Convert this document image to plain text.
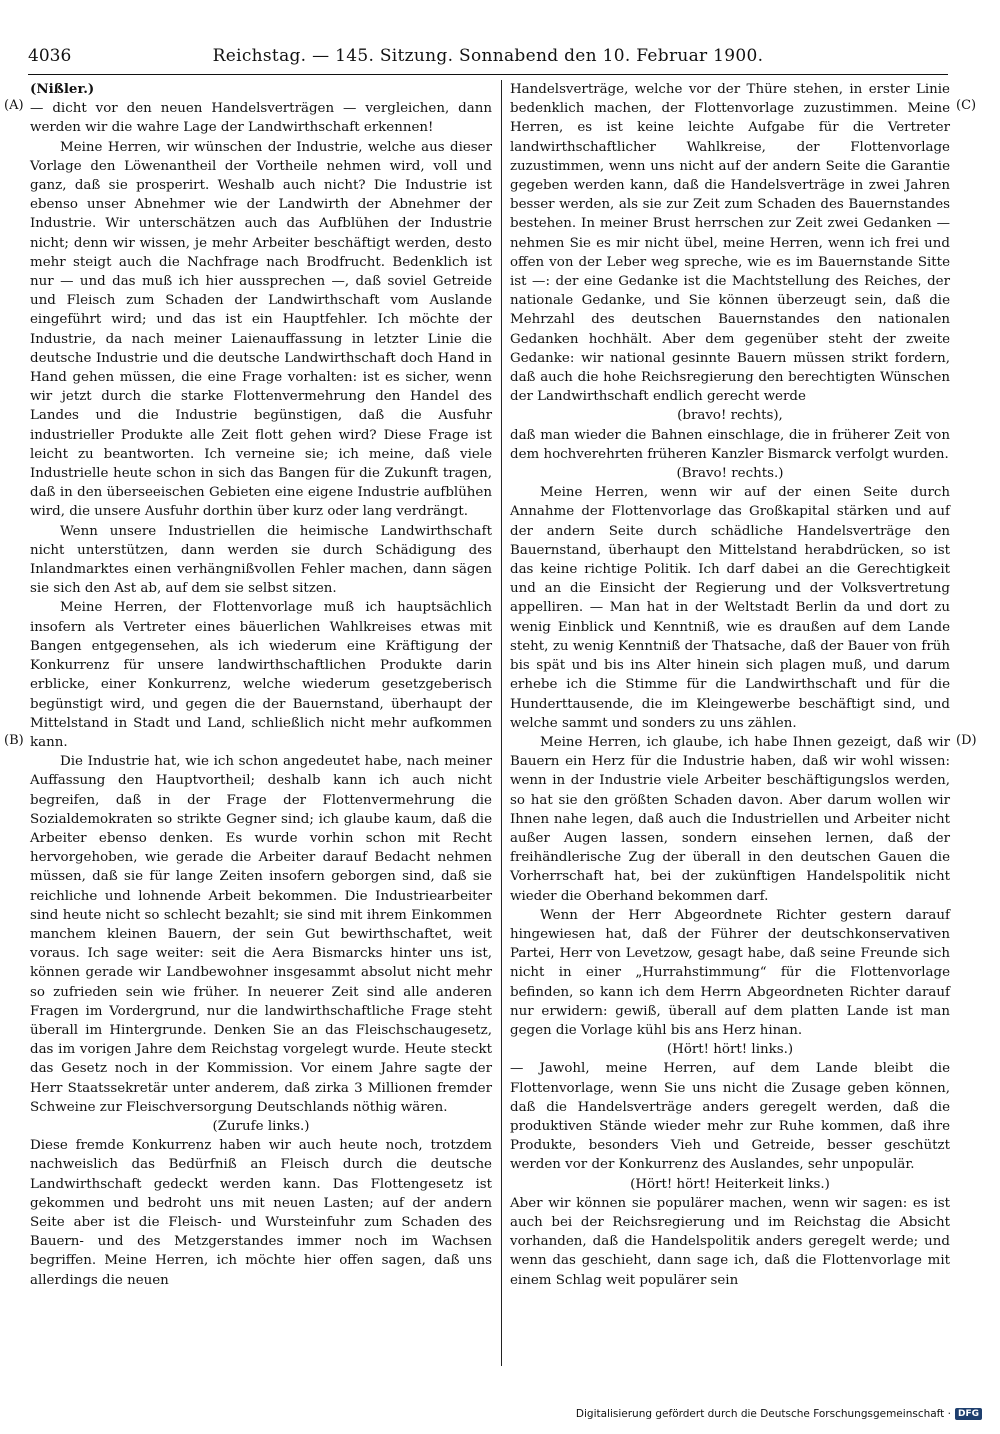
4036	Reichstag. — 145. Sitzung. Sonnabend den 10. Februar 1900.
(A)
(B)
(C)
(D)

(Nißler.)

— dicht vor den neuen Handelsverträgen — vergleichen, dann werden wir die wahre Lage der Landwirthschaft erkennen!

Meine Herren, wir wünschen der Industrie, welche aus dieser Vorlage den Löwenantheil der Vortheile nehmen wird, voll und ganz, daß sie prosperirt. Weshalb auch nicht? Die Industrie ist ebenso unser Abnehmer wie der Landwirth der Abnehmer der Industrie. Wir unterschätzen auch das Aufblühen der Industrie nicht; denn wir wissen, je mehr Arbeiter beschäftigt werden, desto mehr steigt auch die Nachfrage nach Brodfrucht. Bedenklich ist nur — und das muß ich hier aussprechen —, daß soviel Getreide und Fleisch zum Schaden der Landwirthschaft vom Auslande eingeführt wird; und das ist ein Hauptfehler. Ich möchte der Industrie, da nach meiner Laienauffassung in letzter Linie die deutsche Industrie und die deutsche Landwirthschaft doch Hand in Hand gehen müssen, die eine Frage vorhalten: ist es sicher, wenn wir jetzt durch die starke Flottenvermehrung den Handel des Landes und die Industrie begünstigen, daß die Ausfuhr industrieller Produkte alle Zeit flott gehen wird? Diese Frage ist leicht zu beantworten. Ich verneine sie; ich meine, daß viele Industrielle heute schon in sich das Bangen für die Zukunft tragen, daß in den überseeischen Gebieten eine eigene Industrie aufblühen wird, die unsere Ausfuhr dorthin über kurz oder lang verdrängt.

Wenn unsere Industriellen die heimische Landwirthschaft nicht unterstützen, dann werden sie durch Schädigung des Inlandmarktes einen verhängnißvollen Fehler machen, dann sägen sie sich den Ast ab, auf dem sie selbst sitzen.

Meine Herren, der Flottenvorlage muß ich hauptsächlich insofern als Vertreter eines bäuerlichen Wahlkreises etwas mit Bangen entgegensehen, als ich wiederum eine Kräftigung der Konkurrenz für unsere landwirthschaftlichen Produkte darin erblicke, einer Konkurrenz, welche wiederum gesetzgeberisch begünstigt wird, und gegen die der Bauernstand, überhaupt der Mittelstand in Stadt und Land, schließlich nicht mehr aufkommen kann.

Die Industrie hat, wie ich schon angedeutet habe, nach meiner Auffassung den Hauptvortheil; deshalb kann ich auch nicht begreifen, daß in der Frage der Flottenvermehrung die Sozialdemokraten so strikte Gegner sind; ich glaube kaum, daß die Arbeiter ebenso denken. Es wurde vorhin schon mit Recht hervorgehoben, wie gerade die Arbeiter darauf Bedacht nehmen müssen, daß sie für lange Zeiten insofern geborgen sind, daß sie reichliche und lohnende Arbeit bekommen. Die Industriearbeiter sind heute nicht so schlecht bezahlt; sie sind mit ihrem Einkommen manchem kleinen Bauern, der sein Gut bewirthschaftet, weit voraus. Ich sage weiter: seit die Aera Bismarcks hinter uns ist, können gerade wir Landbewohner insgesammt absolut nicht mehr so zufrieden sein wie früher. In neuerer Zeit sind alle anderen Fragen im Vordergrund, nur die landwirthschaftliche Frage steht überall im Hintergrunde. Denken Sie an das Fleischschaugesetz, das im vorigen Jahre dem Reichstag vorgelegt wurde. Heute steckt das Gesetz noch in der Kommission. Vor einem Jahre sagte der Herr Staatssekretär unter anderem, daß zirka 3 Millionen fremder Schweine zur Fleischversorgung Deutschlands nöthig wären.

(Zurufe links.)

Diese fremde Konkurrenz haben wir auch heute noch, trotzdem nachweislich das Bedürfniß an Fleisch durch die deutsche Landwirthschaft gedeckt werden kann. Das Flottengesetz ist gekommen und bedroht uns mit neuen Lasten; auf der andern Seite aber ist die Fleisch- und Wursteinfuhr zum Schaden des Bauern- und des Metzgerstandes immer noch im Wachsen begriffen. Meine Herren, ich möchte hier offen sagen, daß uns allerdings die neuen

Handelsverträge, welche vor der Thüre stehen, in erster Linie bedenklich machen, der Flottenvorlage zuzustimmen. Meine Herren, es ist keine leichte Aufgabe für die Vertreter landwirthschaftlicher Wahlkreise, der Flottenvorlage zuzustimmen, wenn uns nicht auf der andern Seite die Garantie gegeben werden kann, daß die Handelsverträge in zwei Jahren besser werden, als sie zur Zeit zum Schaden des Bauernstandes bestehen. In meiner Brust herrschen zur Zeit zwei Gedanken — nehmen Sie es mir nicht übel, meine Herren, wenn ich frei und offen von der Leber weg spreche, wie es im Bauernstande Sitte ist —: der eine Gedanke ist die Machtstellung des Reiches, der nationale Gedanke, und Sie können überzeugt sein, daß die Mehrzahl des deutschen Bauernstandes den nationalen Gedanken hochhält. Aber dem gegenüber steht der zweite Gedanke: wir national gesinnte Bauern müssen strikt fordern, daß auch die hohe Reichsregierung den berechtigten Wünschen der Landwirthschaft endlich gerecht werde

(bravo! rechts),

daß man wieder die Bahnen einschlage, die in früherer Zeit von dem hochverehrten früheren Kanzler Bismarck verfolgt wurden.

(Bravo! rechts.)

Meine Herren, wenn wir auf der einen Seite durch Annahme der Flottenvorlage das Großkapital stärken und auf der andern Seite durch schädliche Handelsverträge den Bauernstand, überhaupt den Mittelstand herabdrücken, so ist das keine richtige Politik. Ich darf dabei an die Gerechtigkeit und an die Einsicht der Regierung und der Volksvertretung appelliren. — Man hat in der Weltstadt Berlin da und dort zu wenig Einblick und Kenntniß, wie es draußen auf dem Lande steht, zu wenig Kenntniß der Thatsache, daß der Bauer von früh bis spät und bis ins Alter hinein sich plagen muß, und darum erhebe ich die Stimme für die Landwirthschaft und für die Hunderttausende, die im Kleingewerbe beschäftigt sind, und welche sammt und sonders zu uns zählen.

Meine Herren, ich glaube, ich habe Ihnen gezeigt, daß wir Bauern ein Herz für die Industrie haben, daß wir wohl wissen: wenn in der Industrie viele Arbeiter beschäftigungslos werden, so hat sie den größten Schaden davon. Aber darum wollen wir Ihnen nahe legen, daß auch die Industriellen und Arbeiter nicht außer Augen lassen, sondern einsehen lernen, daß der freihändlerische Zug der überall in den deutschen Gauen die Vorherrschaft hat, bei der zukünftigen Handelspolitik nicht wieder die Oberhand bekommen darf.

Wenn der Herr Abgeordnete Richter gestern darauf hingewiesen hat, daß der Führer der deutschkonservativen Partei, Herr von Levetzow, gesagt habe, daß seine Freunde sich nicht in einer „Hurrahstimmung“ für die Flottenvorlage befinden, so kann ich dem Herrn Abgeordneten Richter darauf nur erwidern: gewiß, überall auf dem platten Lande ist man gegen die Vorlage kühl bis ans Herz hinan.

(Hört! hört! links.)

— Jawohl, meine Herren, auf dem Lande bleibt die Flottenvorlage, wenn Sie uns nicht die Zusage geben können, daß die Handelsverträge anders geregelt werden, daß die produktiven Stände wieder mehr zur Ruhe kommen, daß ihre Produkte, besonders Vieh und Getreide, besser geschützt werden vor der Konkurrenz des Auslandes, sehr unpopulär.

(Hört! hört! Heiterkeit links.)

Aber wir können sie populärer machen, wenn wir sagen: es ist auch bei der Reichsregierung und im Reichstag die Absicht vorhanden, daß die Handelspolitik anders geregelt werde; und wenn das geschieht, dann sage ich, daß die Flottenvorlage mit einem Schlag weit populärer sein

Digitalisierung gefördert durch die Deutsche Forschungsgemeinschaft · DFG
